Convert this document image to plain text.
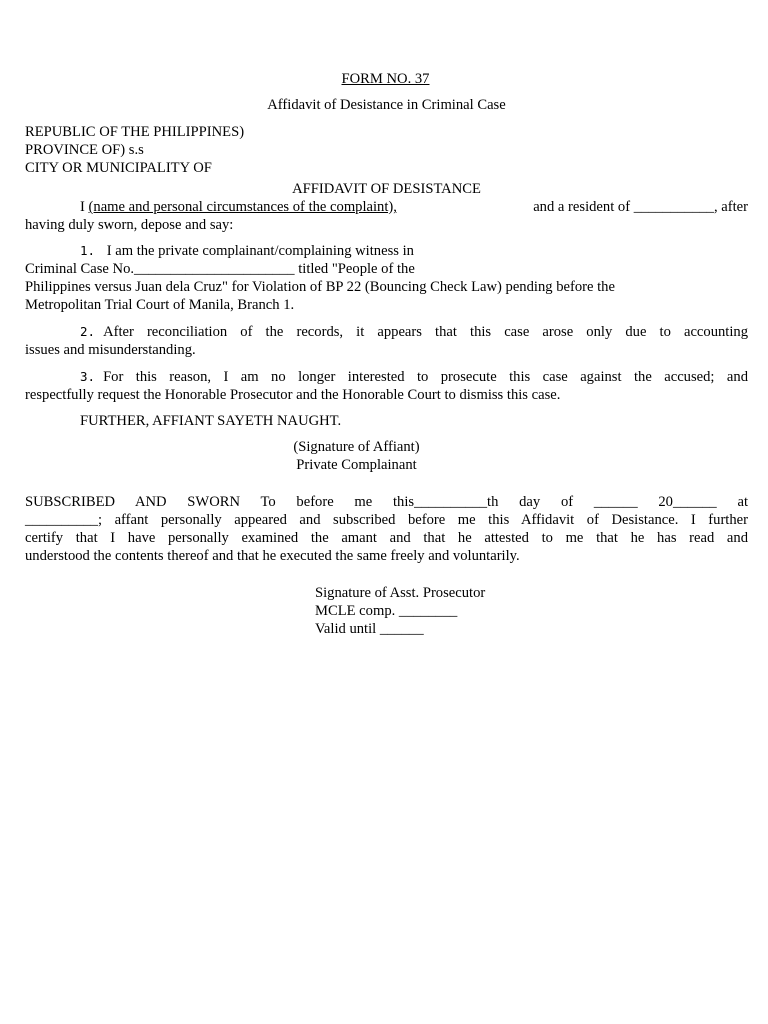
FORM NO. 37

Affidavit of Desistance in Criminal Case

REPUBLIC OF THE PHILIPPINES)

PROVINCE OF) s.s

CITY OR MUNICIPALITY OF

AFFIDAVIT OF DESISTANCE

I (name and personal circumstances of the complaint),	and a resident of ___________, after

having duly sworn, depose and say:

1. I am the private complainant/complaining witness in

Criminal Case No.______________________ titled "People of the

Philippines versus Juan dela Cruz" for Violation of BP 22 (Bouncing Check Law) pending before the

Metropolitan Trial Court of Manila, Branch 1.

2. After reconciliation of the records, it appears that this case arose only due to accounting

issues and misunderstanding.

3. For this reason, I am no longer interested to prosecute this case against the accused; and

respectfully request the Honorable Prosecutor and the Honorable Court to dismiss this case.

FURTHER, AFFIANT SAYETH NAUGHT.

(Signature of Affiant)

Private Complainant

SUBSCRIBED AND SWORN To before me this__________th day of ______ 20______ at

__________; affant personally appeared and subscribed before me this Affidavit of Desistance. I further

certify that I have personally examined the amant and that he attested to me that he has read and

understood the contents thereof and that he executed the same freely and voluntarily.

Signature of Asst. Prosecutor

MCLE comp. ________

Valid until ______
